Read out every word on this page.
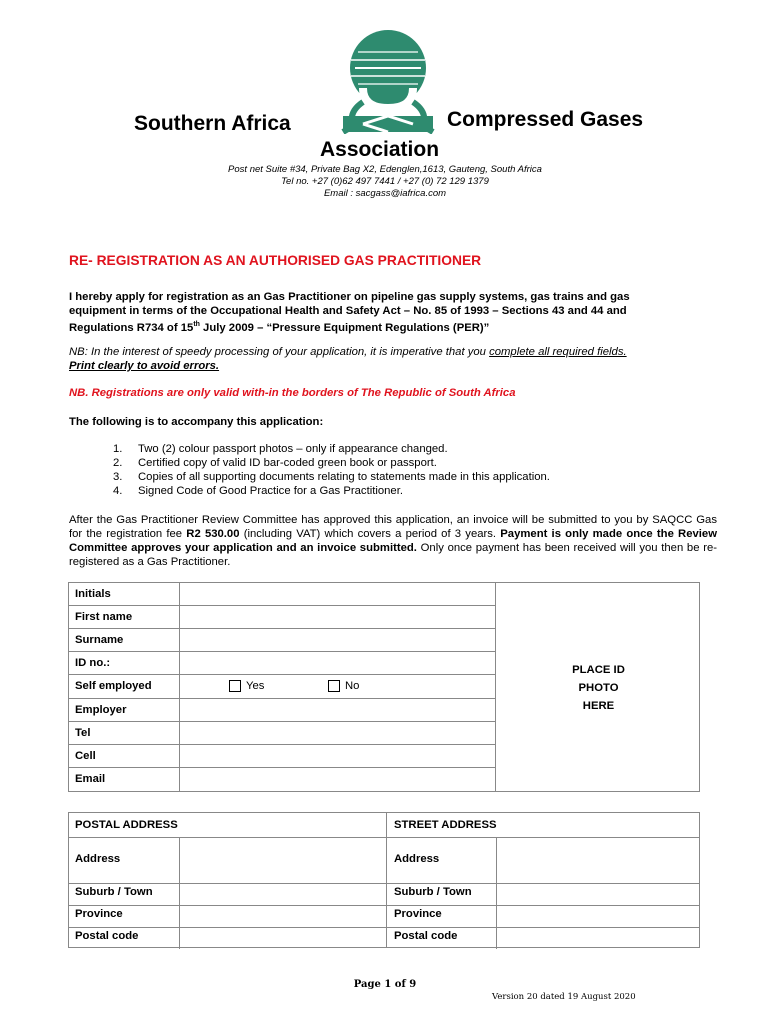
Southern Africa	Compressed Gases
Association
Post net Suite #34, Private Bag X2, Edenglen,1613, Gauteng, South Africa
Tel no. +27 (0)62 497 7441 / +27 (0) 72 129 1379
Email : sacgass@iafrica.com
RE- REGISTRATION AS AN AUTHORISED GAS PRACTITIONER
I hereby apply for registration as an Gas Practitioner on pipeline gas supply systems, gas trains and gas
equipment in terms of the Occupational Health and Safety Act – No. 85 of 1993 – Sections 43 and 44 and
Regulations R734 of 15th July 2009 – “Pressure Equipment Regulations (PER)”
NB: In the interest of speedy processing of your application, it is imperative that you complete all required fields.
Print clearly to avoid errors.
NB. Registrations are only valid with-in the borders of The Republic of South Africa
The following is to accompany this application:
1.	Two (2) colour passport photos – only if appearance changed.
2.	Certified copy of valid ID bar-coded green book or passport.
3.	Copies of all supporting documents relating to statements made in this application.
4.	Signed Code of Good Practice for a Gas Practitioner.
After the Gas Practitioner Review Committee has approved this application, an invoice will be submitted to you by SAQCC Gas for the registration fee R2 530.00 (including VAT) which covers a period of 3 years. Payment is only made once the Review Committee approves your application and an invoice submitted. Only once payment has been received will you then be re-registered as a Gas Practitioner.
Initials
First name
Surname
ID no.:
Self employed	Yes	No
Employer
Tel
Cell
Email
PLACE ID
PHOTO
HERE
POSTAL ADDRESS	STREET ADDRESS
Address	Address
Suburb / Town	Suburb / Town
Province	Province
Postal code	Postal code
Page 1 of 9
Version 20 dated 19 August 2020
